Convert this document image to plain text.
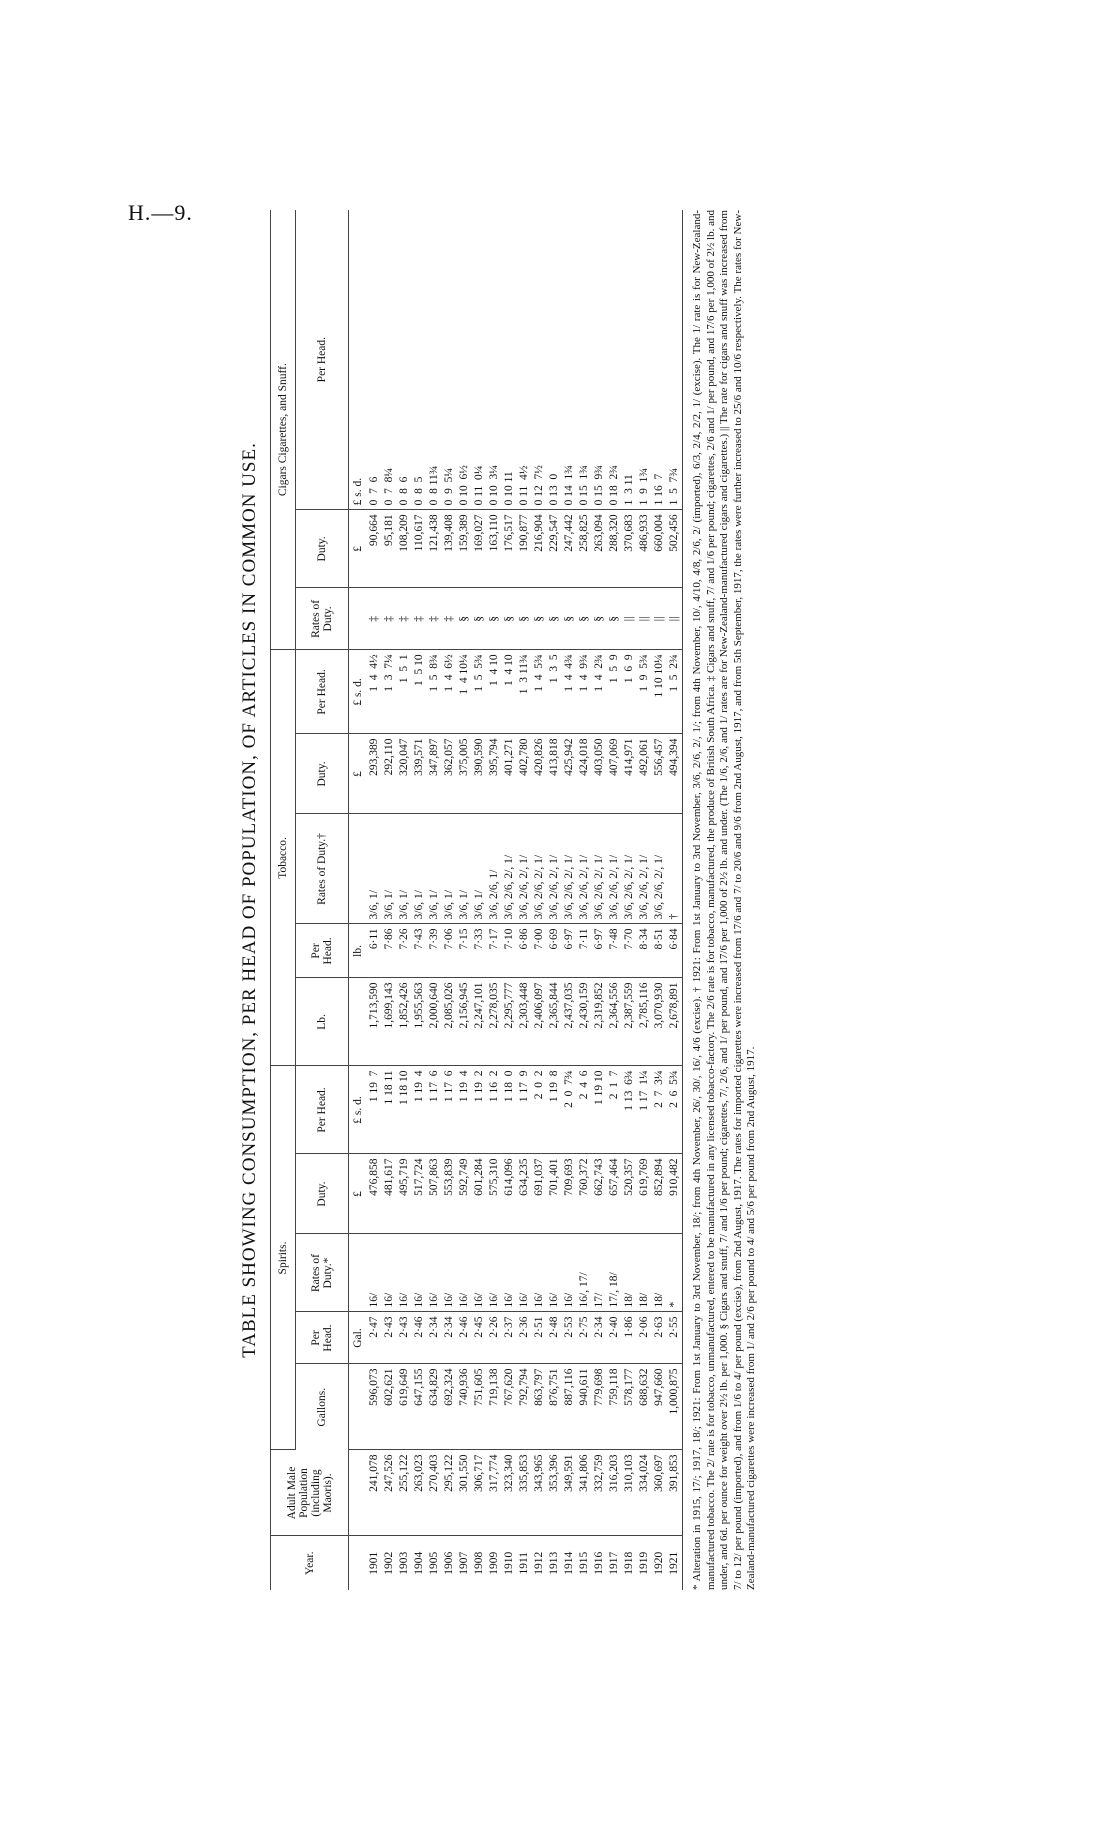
H.—9.
TABLE SHOWING CONSUMPTION, PER HEAD OF POPULATION, OF ARTICLES IN COMMON USE.
Year.	Adult Male Population (including Maoris).	Spirits.					Tobacco.					Cigars Cigarettes, and Snuff.		
		Gallons.	Per Head.	Rates of Duty.*	Duty.	Per Head.	Lb.	Per Head.	Rates of Duty.†	Duty.	Per Head.	Rates of Duty.	Duty.	Per Head.
			Gal.		£	£ s. d.		lb.		£	£ s. d.		£	£ s. d.
1901	241,078	596,073	2·47	16/	476,858	1 19  7	1,713,590	6·11	3/6, 1/	293,389	1  4  4½	‡	90,664	0  7  6
1902	247,526	602,621	2·43	16/	481,617	1 18 11	1,699,143	7·86	3/6, 1/	292,110	1  3  7¼	‡	95,181	0  7  8¼
1903	255,122	619,649	2·43	16/	495,719	1 18 10	1,852,426	7·26	3/6, 1/	320,047	1  5  1	‡	108,209	0  8  6
1904	263,023	647,155	2·46	16/	517,724	1 19  4	1,955,563	7·43	3/6, 1/	339,571	1  5 10	‡	110,617	0  8  5
1905	270,403	634,829	2·34	16/	507,863	1 17  6	2,000,640	7·39	3/6, 1/	347,897	1  5  8¾	‡	121,438	0  8 11¾
1906	295,122	692,324	2·34	16/	553,839	1 17  6	2,085,026	7·06	3/6, 1/	362,057	1  4  6½	‡	139,408	0  9  5¼
1907	301,550	740,936	2·46	16/	592,749	1 19  4	2,156,945	7·15	3/6, 1/	375,005	1  4 10¼	§	159,389	0 10  6½
1908	306,717	751,605	2·45	16/	601,284	1 19  2	2,247,101	7·33	3/6, 1/	390,590	1  5  5¾	§	169,027	0 11  0¼
1909	317,774	719,138	2·26	16/	575,310	1 16  2	2,278,035	7·17	3/6, 2/6, 1/	395,794	1  4 10	§	163,110	0 10  3¼
1910	323,340	767,620	2·37	16/	614,096	1 18  0	2,295,777	7·10	3/6, 2/6, 2/, 1/	401,271	1  4 10	§	176,517	0 10 11
1911	335,853	792,794	2·36	16/	634,235	1 17  9	2,303,448	6·86	3/6, 2/6, 2/, 1/	402,780	1  3 11¾	§	190,877	0 11  4½
1912	343,965	863,797	2·51	16/	691,037	2  0  2	2,406,097	7·00	3/6, 2/6, 2/, 1/	420,826	1  4  5¾	§	216,904	0 12  7½
1913	353,396	876,751	2·48	16/	701,401	1 19  8	2,365,844	6·69	3/6, 2/6, 2/, 1/	413,818	1  3  5	§	229,547	0 13  0
1914	349,591	887,116	2·53	16/	709,693	2  0  7¾	2,437,035	6·97	3/6, 2/6, 2/, 1/	425,942	1  4  4¾	§	247,442	0 14  1¾
1915	341,806	940,611	2·75	16/, 17/	760,372	2  4  6	2,430,159	7·11	3/6, 2/6, 2/, 1/	424,018	1  4  9¾	§	258,825	0 15  1¾
1916	332,759	779,698	2·34	17/	662,743	1 19 10	2,319,852	6·97	3/6, 2/6, 2/, 1/	403,050	1  4  2¾	§	263,094	0 15  9¾
1917	316,203	759,118	2·40	17/, 18/	657,464	2  1  7	2,364,556	7·48	3/6, 2/6, 2/, 1/	407,069	1  5  9	§	288,320	0 18  2¾
1918	310,103	578,177	1·86	18/	520,357	1 13  6¾	2,387,559	7·70	3/6, 2/6, 2/, 1/	414,971	1  6  9	||	370,683	1  3 11
1919	334,024	688,632	2·06	18/	619,769	1 17  1¼	2,785,116	8·34	3/6, 2/6, 2/, 1/	492,061	1  9  5¾	||	486,933	1  9  1¾
1920	360,697	947,660	2·63	18/	852,894	2  7  3¼	3,070,930	8·51	3/6, 2/6, 2/, 1/	556,457	1 10 10¼	||	660,004	1 16  7
1921	391,853	1,000,875	2·55	*	910,482	2  6  5¾	2,678,891	6·84	†	494,394	1  5  2¾	||	502,456	1  5  7¾ * Alteration in 1915, 17/; 1917, 18/; 1921: From 1st January to 3rd November, 18/; from 4th November, 26/, 30/, 16/, 4/6 (excise). † 1921: From 1st January to 3rd November, 3/6, 2/6, 2/, 1/; from 4th November, 10/, 4/10, 4/8, 2/6, 2/ (imported), 6/3, 2/4, 2/2, 1/ (excise). The 1/ rate is for New-Zealand-manufactured tobacco. The 2/ rate is for tobacco, unmanufactured, entered to be manufactured in any licensed tobacco-factory. The 2/6 rate is for tobacco, manufactured, the produce of British South Africa. ‡ Cigars and snuff, 7/ and 1/6 per pound; cigarettes, 2/6 and 1/ per pound, and 17/6 per 1,000 of 2½ lb. and under, and 6d. per ounce for weight over 2½ lb. per 1,000. § Cigars and snuff, 7/ and 1/6 per pound; cigarettes, 7/, 2/6, and 1/ per pound, and 17/6 per 1,000 of 2½ lb. and under. (The 1/6, 2/6, and 1/ rates are for New-Zealand-manufactured cigars and cigarettes.) || The rate for cigars and snuff was increased from 7/ to 12/ per pound (imported), and from 1/6 to 4/ per pound (excise), from 2nd August, 1917. The rates for imported cigarettes were increased from 17/6 and 7/ to 20/6 and 9/6 from 2nd August, 1917, and from 5th September, 1917, the rates were further increased to 25/6 and 10/6 respectively. The rates for New-Zealand-manufactured cigarettes were increased from 1/ and 2/6 per pound to 4/ and 5/6 per pound from 2nd August, 1917.
